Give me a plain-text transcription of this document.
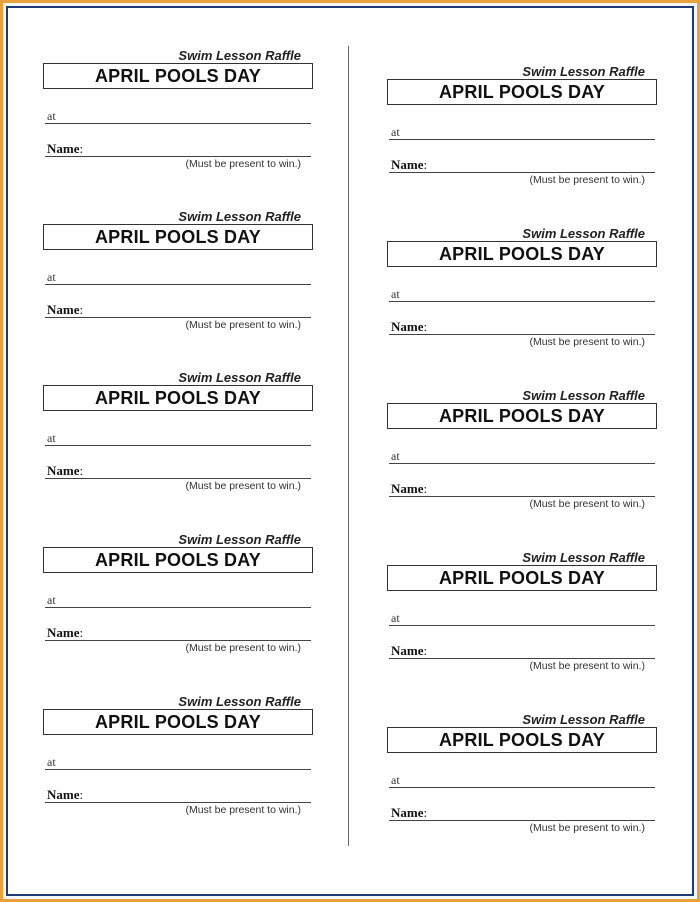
Swim Lesson Raffle
APRIL POOLS DAY
at
Name:
(Must be present to win.)
Swim Lesson Raffle
APRIL POOLS DAY
at
Name:
(Must be present to win.)
Swim Lesson Raffle
APRIL POOLS DAY
at
Name:
(Must be present to win.)
Swim Lesson Raffle
APRIL POOLS DAY
at
Name:
(Must be present to win.)
Swim Lesson Raffle
APRIL POOLS DAY
at
Name:
(Must be present to win.)
Swim Lesson Raffle
APRIL POOLS DAY
at
Name:
(Must be present to win.)
Swim Lesson Raffle
APRIL POOLS DAY
at
Name:
(Must be present to win.)
Swim Lesson Raffle
APRIL POOLS DAY
at
Name:
(Must be present to win.)
Swim Lesson Raffle
APRIL POOLS DAY
at
Name:
(Must be present to win.)
Swim Lesson Raffle
APRIL POOLS DAY
at
Name:
(Must be present to win.)
